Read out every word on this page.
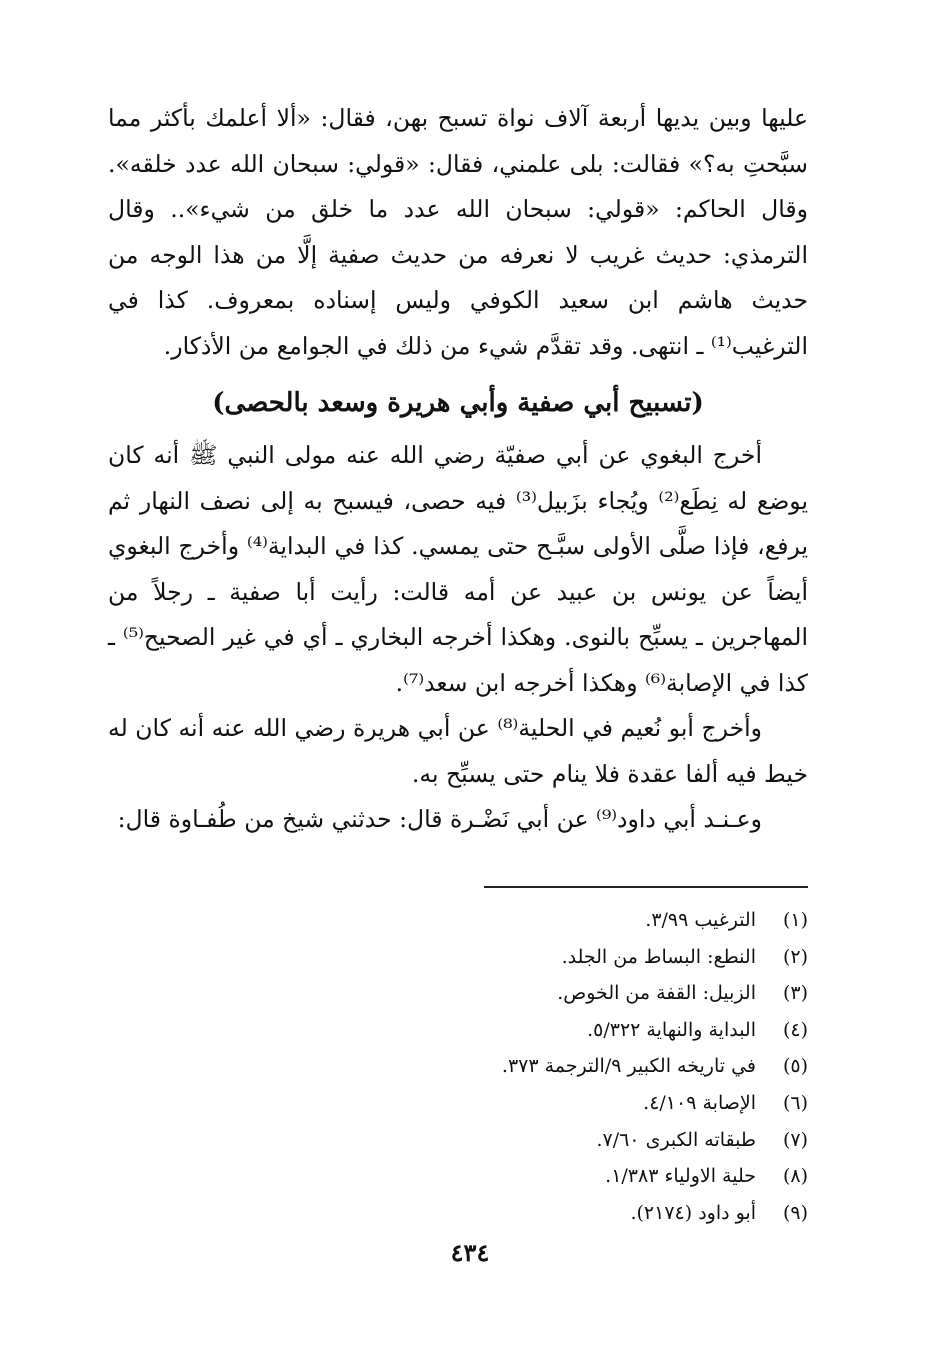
عليها وبين يديها أربعة آلاف نواة تسبح بهن، فقال: «ألا أعلمك بأكثر مما سبَّحتِ به؟» فقالت: بلى علمني، فقال: «قولي: سبحان الله عدد خلقه». وقال الحاكم: «قولي: سبحان الله عدد ما خلق من شيء».. وقال الترمذي: حديث غريب لا نعرفه من حديث صفية إلَّا من هذا الوجه من حديث هاشم ابن سعيد الكوفي وليس إسناده بمعروف. كذا في الترغيب⁽¹⁾ ـ انتهى. وقد تقدَّم شيء من ذلك في الجوامع من الأذكار.

(تسبيح أبي صفية وأبي هريرة وسعد بالحصى)

أخرج البغوي عن أبي صفيّة رضي الله عنه مولى النبي ﷺ أنه كان يوضع له نِطَع⁽²⁾ ويُجاء بزَبيل⁽³⁾ فيه حصى، فيسبح به إلى نصف النهار ثم يرفع، فإذا صلَّى الأولى سبَّـح حتى يمسي. كذا في البداية⁽⁴⁾ وأخرج البغوي أيضاً عن يونس بن عبيد عن أمه قالت: رأيت أبا صفية ـ رجلاً من المهاجرين ـ يسبِّح بالنوى. وهكذا أخرجه البخاري ـ أي في غير الصحيح⁽⁵⁾ ـ كذا في الإصابة⁽⁶⁾ وهكذا أخرجه ابن سعد⁽⁷⁾.

وأخرج أبو نُعيم في الحلية⁽⁸⁾ عن أبي هريرة رضي الله عنه أنه كان له خيط فيه ألفا عقدة فلا ينام حتى يسبِّح به.

وعـنـد أبي داود⁽⁹⁾ عن أبي نَضْـرة قال: حدثني شيخ من طُفـاوة قال:

(١)
الترغيب ٣/٩٩.
(٢)
النطع: البساط من الجلد.
(٣)
الزبيل: القفة من الخوص.
(٤)
البداية والنهاية ٥/٣٢٢.
(٥)
في تاريخه الكبير ٩/الترجمة ٣٧٣.
(٦)
الإصابة ٤/١٠٩.
(٧)
طبقاته الكبرى ٧/٦٠.
(٨)
حلية الاولياء ١/٣٨٣.
(٩)
أبو داود (٢١٧٤).
٤٣٤
